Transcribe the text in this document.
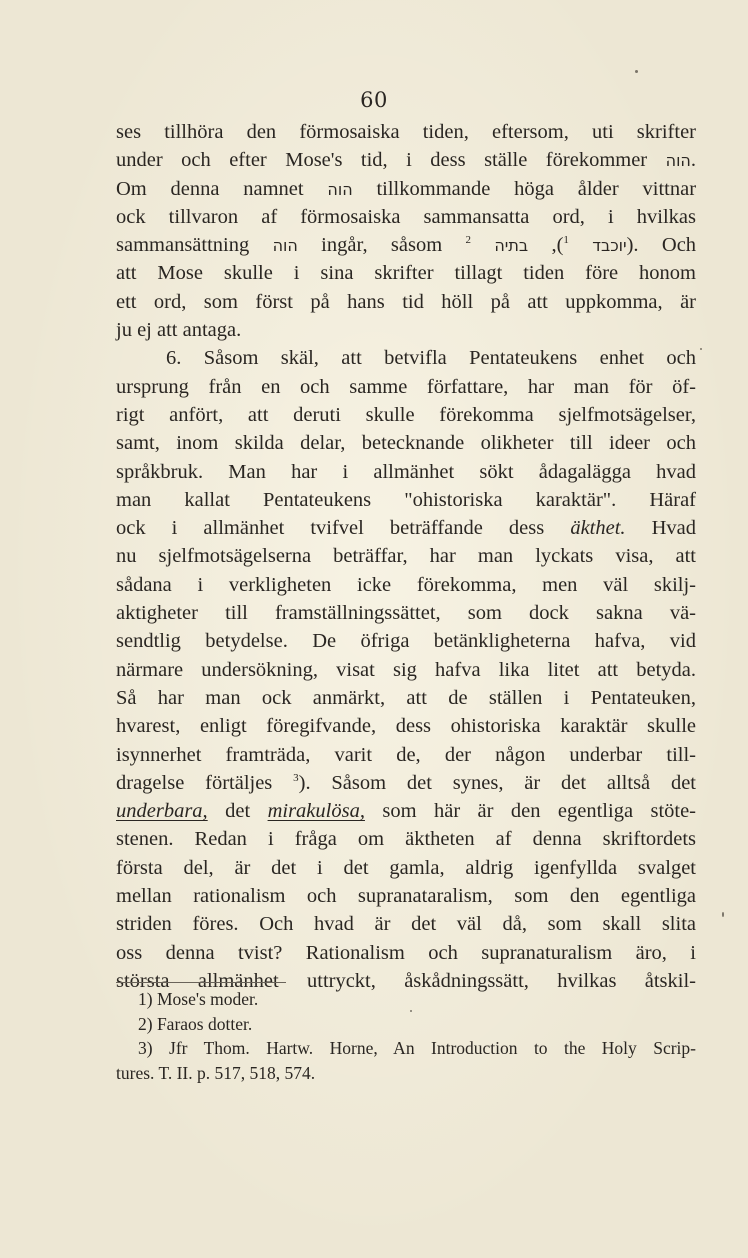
60
ses tillhöra den förmosaiska tiden, eftersom, uti skrifter
under och efter Mose's tid, i dess ställe förekommer הוה.
Om denna namnet הוה tillkommande höga ålder vittnar
ock tillvaron af förmosaiska sammansatta ord, i hvilkas
sammansättning הוה ingår, såsom	יוכבד $^1$), בתיה $^2$	). Och
att Mose skulle i sina skrifter tillagt tiden före honom
ett ord, som först på hans tid höll på att uppkomma, är
ju ej att antaga.
6. Såsom skäl, att betvifla Pentateukens enhet och
ursprung från en och samme författare, har man för öf-
rigt anfört, att deruti skulle förekomma sjelfmotsägelser,
samt, inom skilda delar, betecknande olikheter till ideer och
språkbruk. Man har i allmänhet sökt ådagalägga hvad
man kallat Pentateukens "ohistoriska karaktär". Häraf
ock i allmänhet tvifvel beträffande dess äkthet. Hvad
nu sjelfmotsägelserna beträffar, har man lyckats visa, att
sådana i verkligheten icke förekomma, men väl skilj-
aktigheter till framställningssättet, som dock sakna vä-
sendtlig betydelse. De öfriga betänkligheterna hafva, vid
närmare undersökning, visat sig hafva lika litet att betyda.
Så har man ock anmärkt, att de ställen i Pentateuken,
hvarest, enligt föregifvande, dess ohistoriska karaktär skulle
isynnerhet framträda, varit de, der någon underbar till-
dragelse förtäljes $^3$). Såsom det synes, är det alltså det
underbara, det mirakulösa, som här är den egentliga stöte-
stenen. Redan i fråga om äktheten af denna skriftordets
första del, är det i det gamla, aldrig igenfyllda svalget
mellan rationalism och supranataralism, som den egentliga
striden föres. Och hvad är det väl då, som skall slita
oss denna tvist? Rationalism och supranaturalism äro, i
största allmänhet uttryckt, åskådningssätt, hvilkas åtskil-
1) Mose's moder.
2) Faraos dotter.
3) Jfr Thom. Hartw. Horne, An Introduction to the Holy Scrip-
tures. T. II. p. 517, 518, 574.
